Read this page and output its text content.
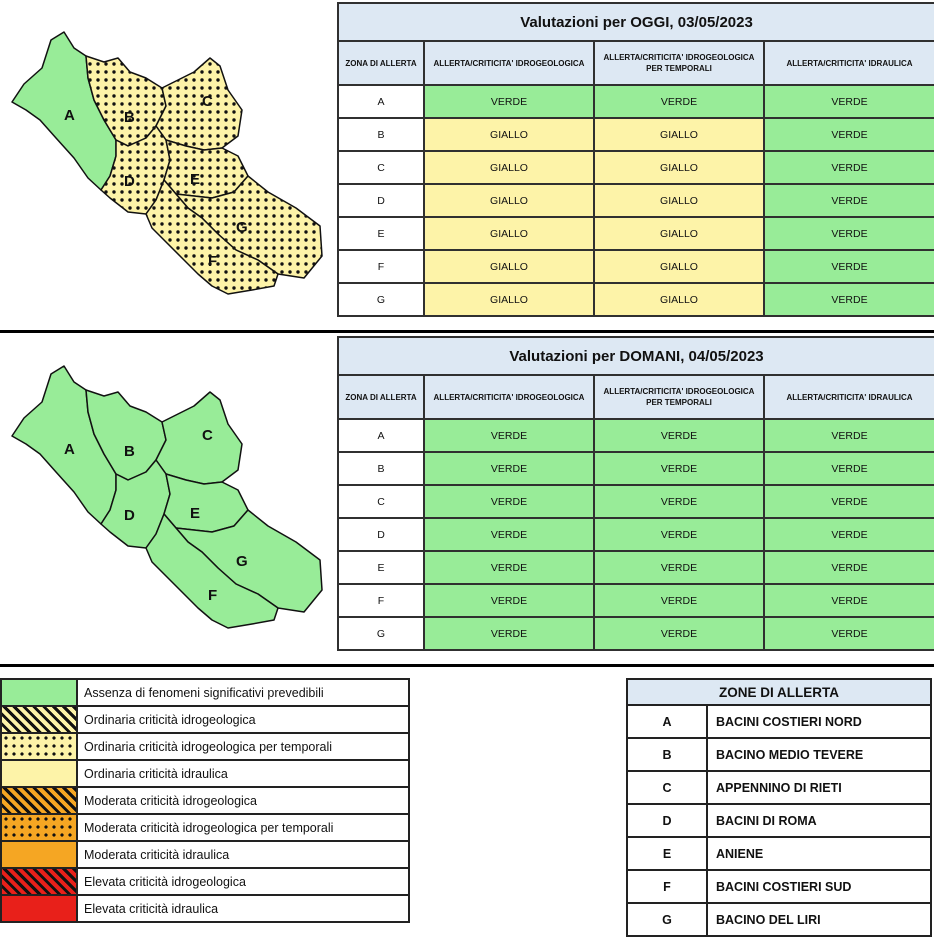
A	B
C
D	E
G
F
Valutazioni per OGGI, 03/05/2023			
ZONA DI ALLERTA	ALLERTA/CRITICITA' IDROGEOLOGICA	ALLERTA/CRITICITA' IDROGEOLOGICA PER TEMPORALI	ALLERTA/CRITICITA' IDRAULICA
A	VERDE	VERDE	VERDE
B	GIALLO	GIALLO	VERDE
C	GIALLO	GIALLO	VERDE
D	GIALLO	GIALLO	VERDE
E	GIALLO	GIALLO	VERDE
F	GIALLO	GIALLO	VERDE
G	GIALLO	GIALLO	VERDE
A	B
C
D	E
G
F
Valutazioni per DOMANI, 04/05/2023			
ZONA DI ALLERTA	ALLERTA/CRITICITA' IDROGEOLOGICA	ALLERTA/CRITICITA' IDROGEOLOGICA PER TEMPORALI	ALLERTA/CRITICITA' IDRAULICA
A	VERDE	VERDE	VERDE
B	VERDE	VERDE	VERDE
C	VERDE	VERDE	VERDE
D	VERDE	VERDE	VERDE
E	VERDE	VERDE	VERDE
F	VERDE	VERDE	VERDE
G	VERDE	VERDE	VERDE
	Assenza di fenomeni significativi prevedibili
	Ordinaria criticità idrogeologica
	Ordinaria criticità idrogeologica per temporali
	Ordinaria criticità idraulica
	Moderata criticità idrogeologica
	Moderata criticità idrogeologica per temporali
	Moderata criticità idraulica
	Elevata criticità idrogeologica
	Elevata criticità idraulica
ZONE DI ALLERTA	
A	BACINI COSTIERI NORD
B	BACINO MEDIO TEVERE
C	APPENNINO DI RIETI
D	BACINI DI ROMA
E	ANIENE
F	BACINI COSTIERI SUD
G	BACINO DEL LIRI
